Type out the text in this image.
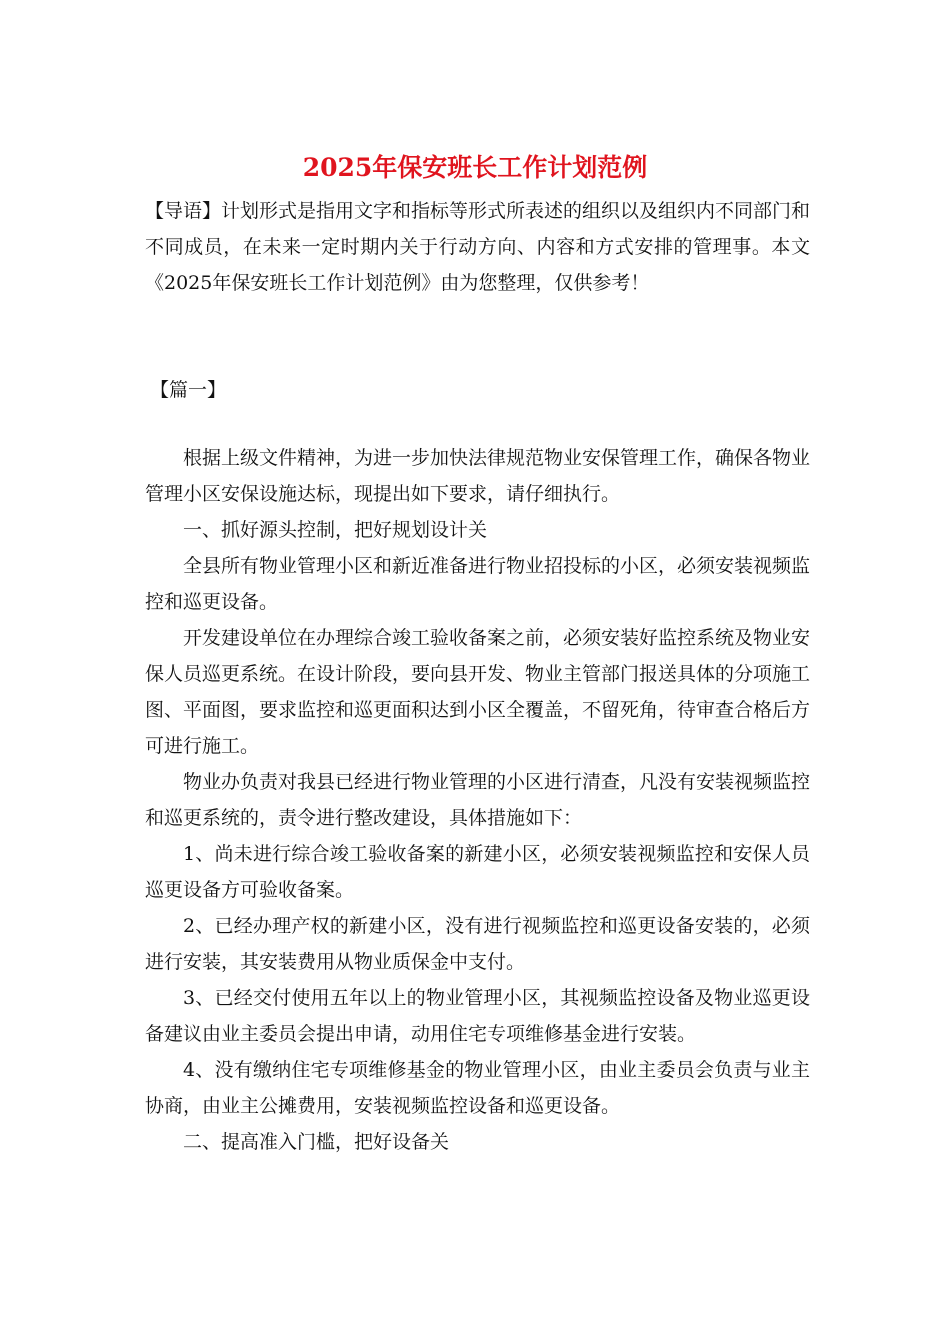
2025年保安班长工作计划范例

【导语】计划形式是指用文字和指标等形式所表述的组织以及组织内不同部门和不同成员，在未来一定时期内关于行动方向、内容和方式安排的管理事。本文《2025年保安班长工作计划范例》由为您整理，仅供参考！

【篇一】

根据上级文件精神，为进一步加快法律规范物业安保管理工作，确保各物业管理小区安保设施达标，现提出如下要求，请仔细执行。

一、抓好源头控制，把好规划设计关

全县所有物业管理小区和新近准备进行物业招投标的小区，必须安装视频监控和巡更设备。

开发建设单位在办理综合竣工验收备案之前，必须安装好监控系统及物业安保人员巡更系统。在设计阶段，要向县开发、物业主管部门报送具体的分项施工图、平面图，要求监控和巡更面积达到小区全覆盖，不留死角，待审查合格后方可进行施工。

物业办负责对我县已经进行物业管理的小区进行清查，凡没有安装视频监控和巡更系统的，责令进行整改建设，具体措施如下：

1、尚未进行综合竣工验收备案的新建小区，必须安装视频监控和安保人员巡更设备方可验收备案。

2、已经办理产权的新建小区，没有进行视频监控和巡更设备安装的，必须进行安装，其安装费用从物业质保金中支付。

3、已经交付使用五年以上的物业管理小区，其视频监控设备及物业巡更设备建议由业主委员会提出申请，动用住宅专项维修基金进行安装。

4、没有缴纳住宅专项维修基金的物业管理小区，由业主委员会负责与业主协商，由业主公摊费用，安装视频监控设备和巡更设备。

二、提高准入门槛，把好设备关
